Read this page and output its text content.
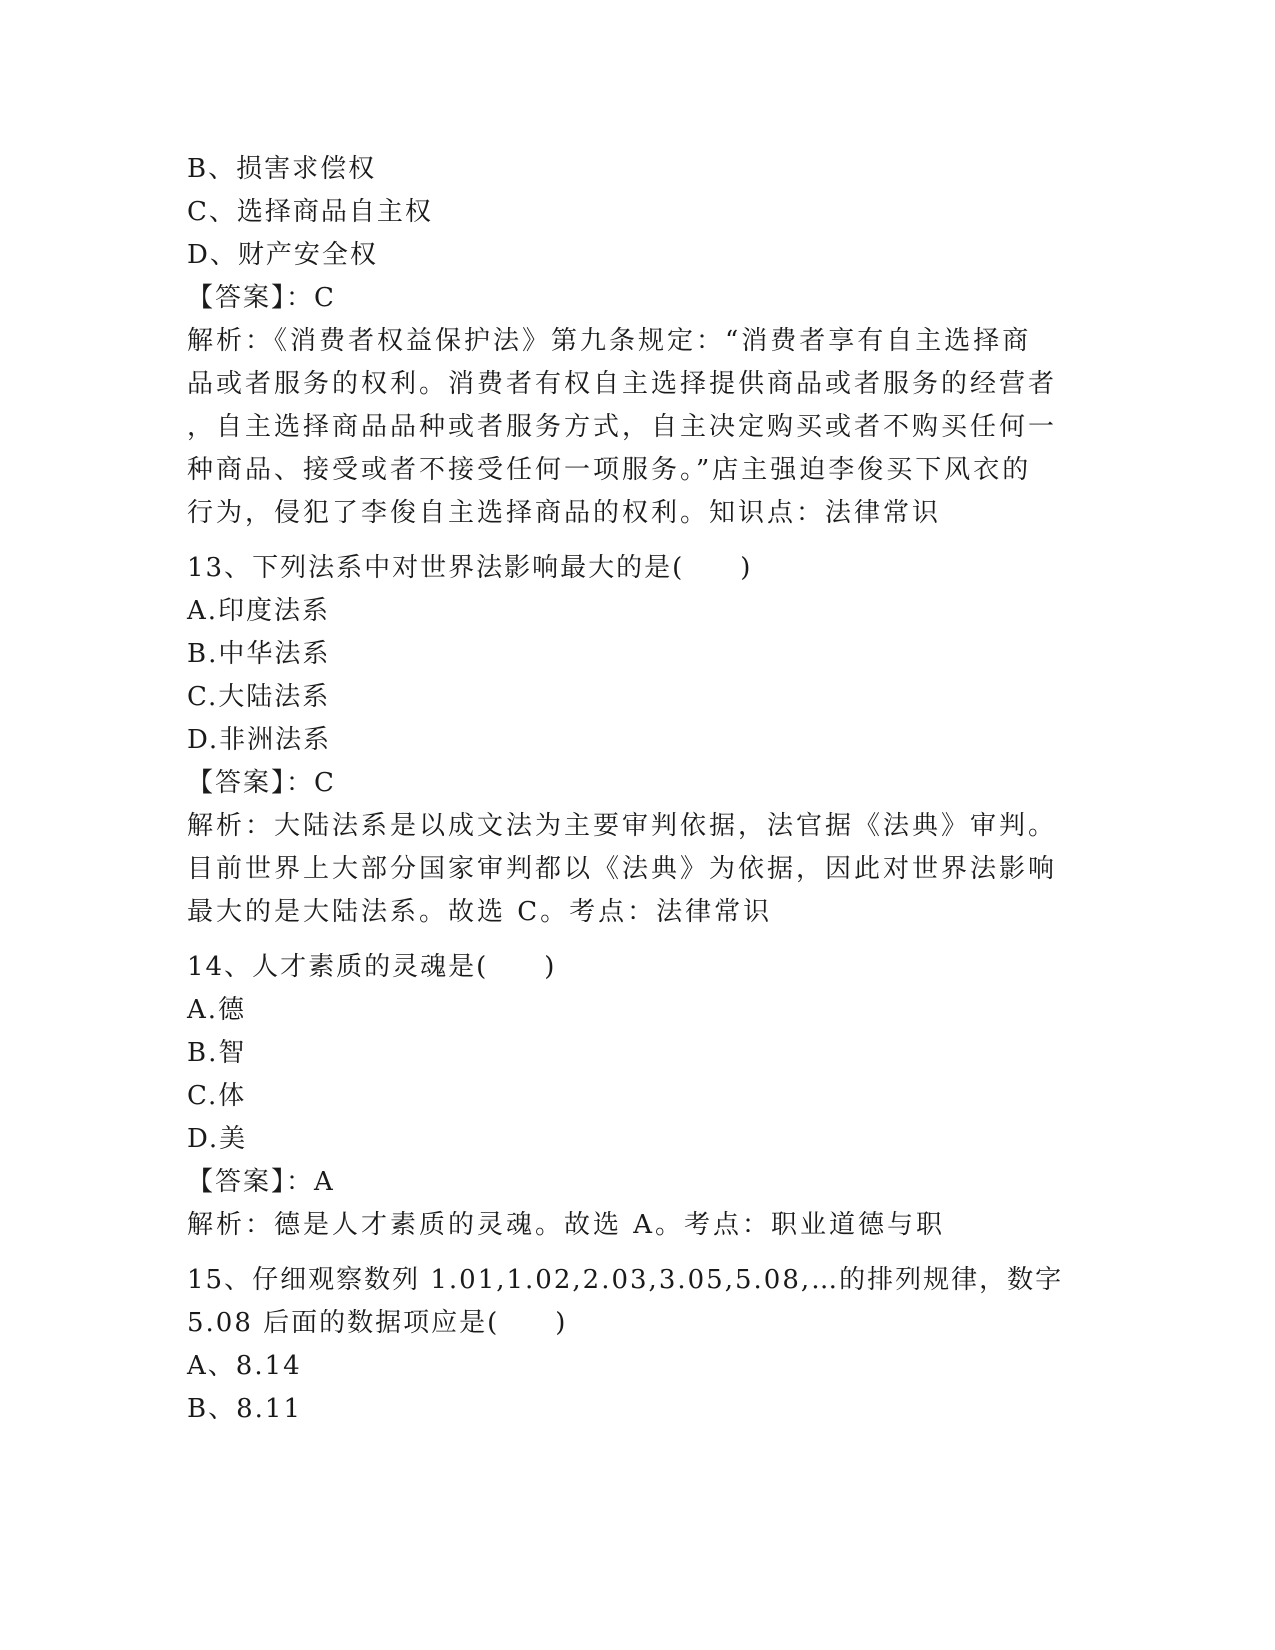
B、损害求偿权
C、选择商品自主权
D、财产安全权
【答案】：C
解析：《消费者权益保护法》第九条规定：“消费者享有自主选择商
品或者服务的权利。消费者有权自主选择提供商品或者服务的经营者
，自主选择商品品种或者服务方式，自主决定购买或者不购买任何一
种商品、接受或者不接受任何一项服务。”店主强迫李俊买下风衣的
行为，侵犯了李俊自主选择商品的权利。知识点：法律常识
13、下列法系中对世界法影响最大的是(　　)
A.印度法系
B.中华法系
C.大陆法系
D.非洲法系
【答案】：C
解析：大陆法系是以成文法为主要审判依据，法官据《法典》审判。
目前世界上大部分国家审判都以《法典》为依据，因此对世界法影响
最大的是大陆法系。故选 C。考点：法律常识
14、人才素质的灵魂是(　　)
A.德
B.智
C.体
D.美
【答案】：A
解析：德是人才素质的灵魂。故选 A。考点：职业道德与职
15、仔细观察数列 1.01,1.02,2.03,3.05,5.08,…的排列规律，数字
5.08 后面的数据项应是(　　)
A、8.14
B、8.11
